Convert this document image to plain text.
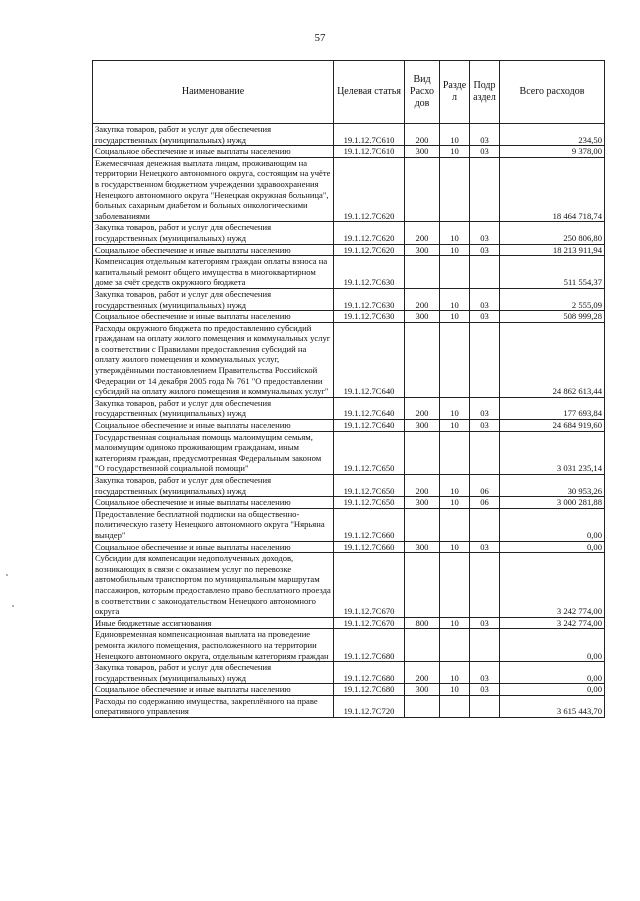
57
Наименование	Целевая статья	Вид Расхо дов	Разде л	Подр аздел	Всего расходов
Закупка товаров, работ и услуг для обеспечения государственных (муниципальных) нужд	19.1.12.7С610	200	10	03	234,50
Социальное обеспечение и иные выплаты населению	19.1.12.7С610	300	10	03	9 378,00
Ежемесячная денежная выплата лицам, проживающим на территории Ненецкого автономного округа, состоящим на учёте в государственном бюджетном учреждении здравоохранения Ненецкого автономного округа "Ненецкая окружная больница", больных сахарным диабетом и больных онкологическими заболеваниями	19.1.12.7С620				18 464 718,74
Закупка товаров, работ и услуг для обеспечения государственных (муниципальных) нужд	19.1.12.7С620	200	10	03	250 806,80
Социальное обеспечение и иные выплаты населению	19.1.12.7С620	300	10	03	18 213 911,94
Компенсация отдельным категориям граждан оплаты взноса на капитальный ремонт общего имущества в многоквартирном доме за счёт средств окружного бюджета	19.1.12.7С630				511 554,37
Закупка товаров, работ и услуг для обеспечения государственных (муниципальных) нужд	19.1.12.7С630	200	10	03	2 555,09
Социальное обеспечение и иные выплаты населению	19.1.12.7С630	300	10	03	508 999,28
Расходы окружного бюджета по предоставлению субсидий гражданам на оплату жилого помещения и коммунальных услуг в соответствии с Правилами предоставления субсидий на оплату жилого помещения и коммунальных услуг, утверждёнными постановлением Правительства Российской Федерации от 14 декабря 2005 года № 761 "О предоставлении субсидий на оплату жилого помещения и коммунальных услуг"	19.1.12.7С640				24 862 613,44
Закупка товаров, работ и услуг для обеспечения государственных (муниципальных) нужд	19.1.12.7С640	200	10	03	177 693,84
Социальное обеспечение и иные выплаты населению	19.1.12.7С640	300	10	03	24 684 919,60
Государственная социальная помощь малоимущим семьям, малоимущим одиноко проживающим гражданам, иным категориям граждан, предусмотренная Федеральным законом "О государственной социальной помощи"	19.1.12.7С650				3 031 235,14
Закупка товаров, работ и услуг для обеспечения государственных (муниципальных) нужд	19.1.12.7С650	200	10	06	30 953,26
Социальное обеспечение и иные выплаты населению	19.1.12.7С650	300	10	06	3 000 281,88
Предоставление бесплатной подписки на общественно-политическую газету Ненецкого автономного округа "Нярьяна вындер"	19.1.12.7С660				0,00
Социальное обеспечение и иные выплаты населению	19.1.12.7С660	300	10	03	0,00
Субсидии для компенсации недополученных доходов, возникающих в связи с оказанием услуг по перевозке автомобильным транспортом по муниципальным маршрутам пассажиров, которым предоставлено право бесплатного проезда в соответствии с законодательством Ненецкого автономного округа	19.1.12.7С670				3 242 774,00
Иные бюджетные ассигнования	19.1.12.7С670	800	10	03	3 242 774,00
Единовременная компенсационная выплата на проведение ремонта жилого помещения, расположенного на территории Ненецкого автономного округа, отдельным категориям граждан	19.1.12.7С680				0,00
Закупка товаров, работ и услуг для обеспечения государственных (муниципальных) нужд	19.1.12.7С680	200	10	03	0,00
Социальное обеспечение и иные выплаты населению	19.1.12.7С680	300	10	03	0,00
Расходы по содержанию имущества, закреплённого на праве оперативного управления	19.1.12.7С720				3 615 443,70
